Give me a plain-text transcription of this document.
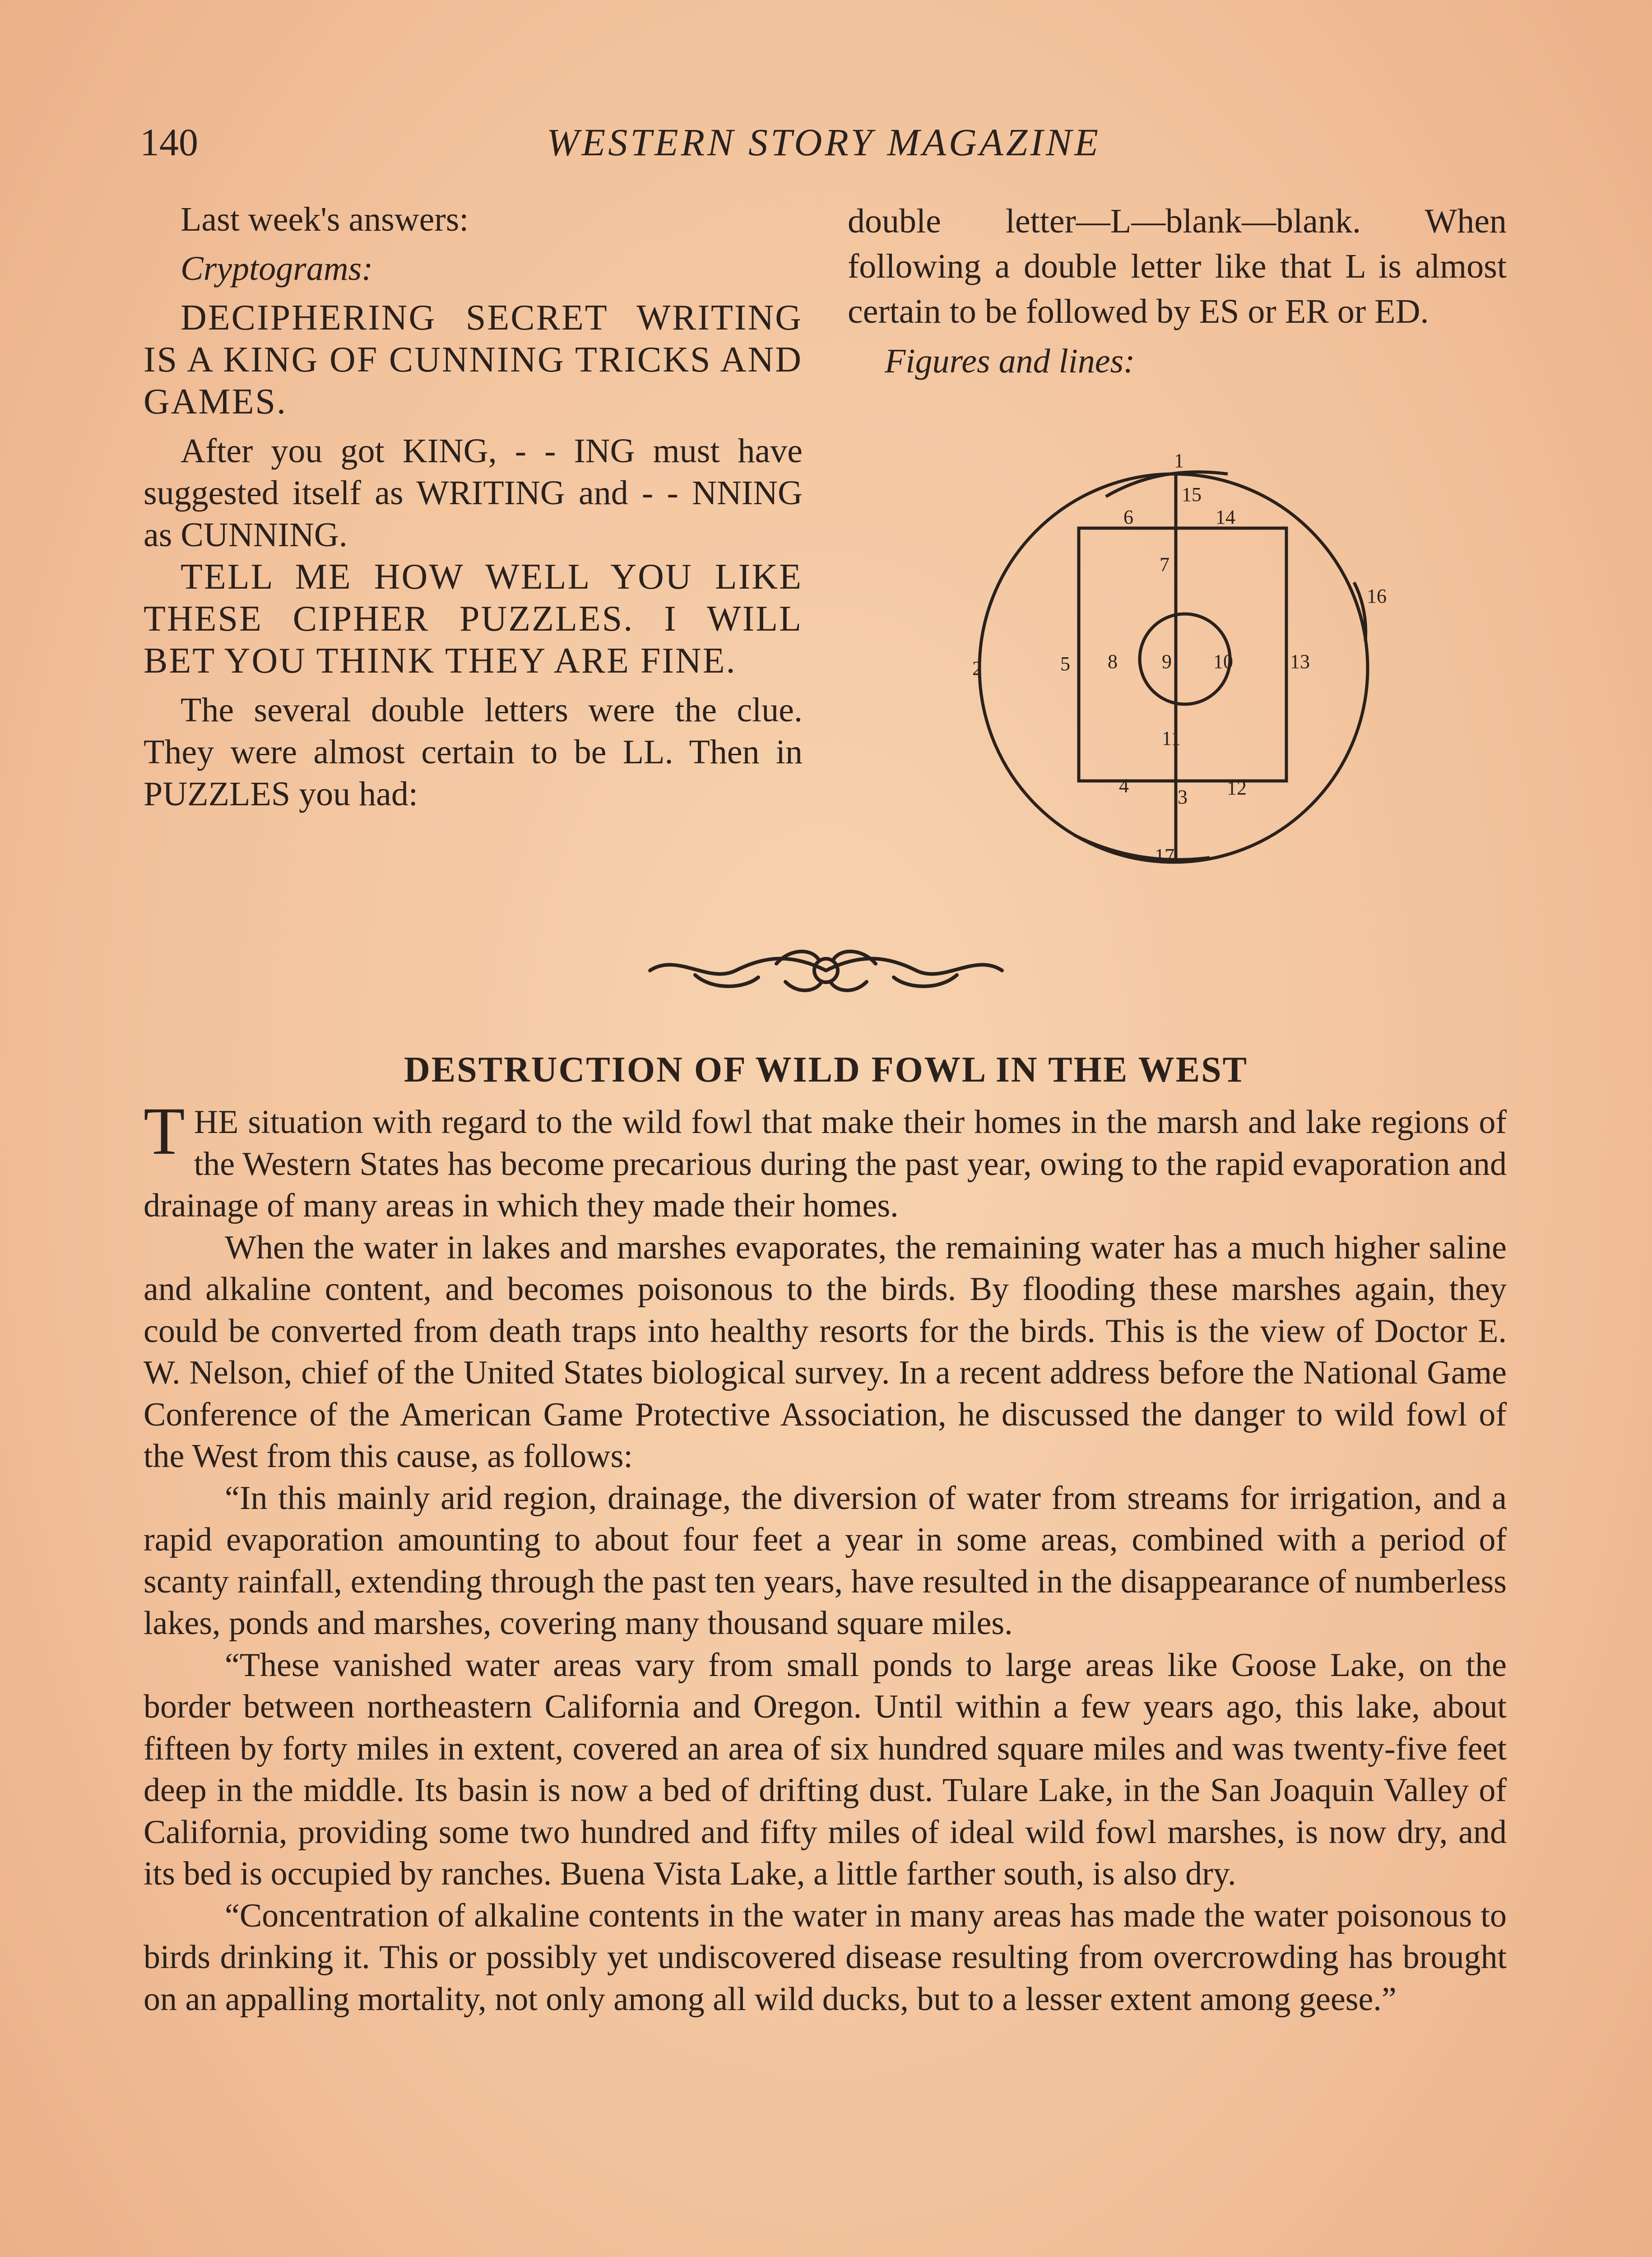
140	WESTERN STORY MAGAZINE

Last week's answers:

Cryptograms:

DECIPHERING SECRET WRITING IS A KING OF CUNNING TRICKS AND GAMES.

After you got KING, - - ING must have suggested itself as WRITING and - - NNING as CUNNING.

TELL ME HOW WELL YOU LIKE THESE CIPHER PUZZLES. I WILL BET YOU THINK THEY ARE FINE.

The several double letters were the clue. They were almost certain to be LL. Then in PUZZLES you had:

double letter—L—blank—blank. When following a double letter like that L is almost certain to be followed by ES or ER or ED.

Figures and lines:

1
2
3
4
5
6
7
8 9 10
11
12
13
14
15
16
17
DESTRUCTION OF WILD FOWL IN THE WEST

THE situation with regard to the wild fowl that make their homes in the marsh and lake regions of the Western States has become precarious during the past year, owing to the rapid evaporation and drainage of many areas in which they made their homes.

When the water in lakes and marshes evaporates, the remaining water has a much higher saline and alkaline content, and becomes poisonous to the birds. By flooding these marshes again, they could be converted from death traps into healthy resorts for the birds. This is the view of Doctor E. W. Nelson, chief of the United States biological survey. In a recent address before the National Game Conference of the American Game Protective Association, he discussed the danger to wild fowl of the West from this cause, as follows:

“In this mainly arid region, drainage, the diversion of water from streams for irrigation, and a rapid evaporation amounting to about four feet a year in some areas, combined with a period of scanty rainfall, extending through the past ten years, have resulted in the disappearance of numberless lakes, ponds and marshes, covering many thousand square miles.

“These vanished water areas vary from small ponds to large areas like Goose Lake, on the border between northeastern California and Oregon. Until within a few years ago, this lake, about fifteen by forty miles in extent, covered an area of six hundred square miles and was twenty-five feet deep in the middle. Its basin is now a bed of drifting dust. Tulare Lake, in the San Joaquin Valley of California, providing some two hundred and fifty miles of ideal wild fowl marshes, is now dry, and its bed is occupied by ranches. Buena Vista Lake, a little farther south, is also dry.

“Concentration of alkaline contents in the water in many areas has made the water poisonous to birds drinking it. This or possibly yet undiscovered disease resulting from overcrowding has brought on an appalling mortality, not only among all wild ducks, but to a lesser extent among geese.”
